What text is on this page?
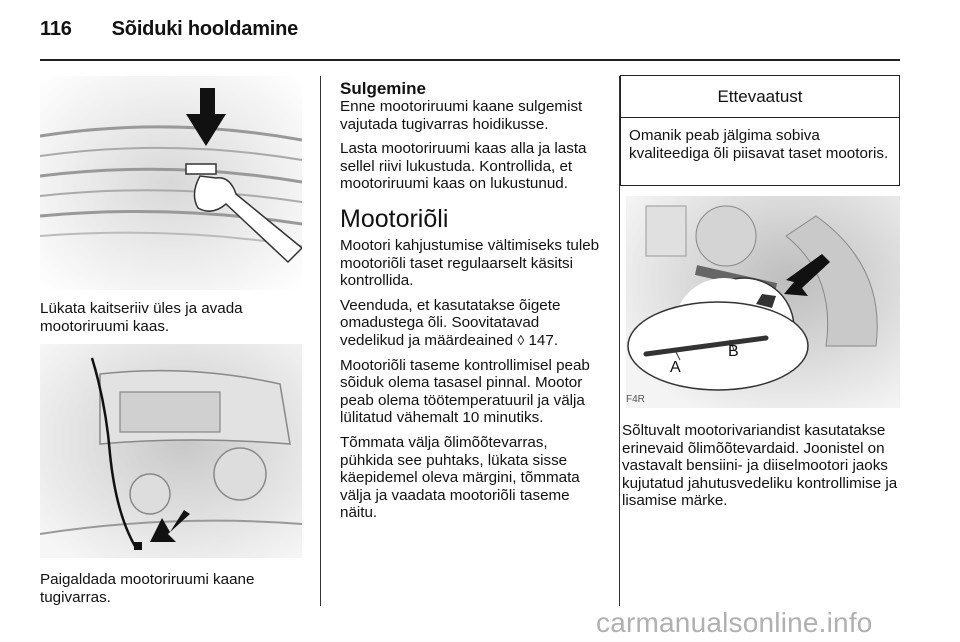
116 Sõiduki hooldamine

Lükata kaitseriiv üles ja avada mootoriruumi kaas.

Paigaldada mootoriruumi kaane tugivarras.

Sulgemine

Enne mootoriruumi kaane sulgemist vajutada tugivarras hoidikusse.

Lasta mootoriruumi kaas alla ja lasta sellel riivi lukustuda. Kontrollida, et mootoriruumi kaas on lukustunud.

Mootoriõli

Mootori kahjustumise vältimiseks tuleb mootoriõli taset regulaarselt käsitsi kontrollida.

Veenduda, et kasutatakse õigete omadustega õli. Soovitatavad vedelikud ja määrdeained ◊ 147.

Mootoriõli taseme kontrollimisel peab sõiduk olema tasasel pinnal. Mootor peab olema töötemperatuuril ja välja lülitatud vähemalt 10 minutiks.

Tõmmata välja õlimõõtevarras, pühkida see puhtaks, lükata sisse käepidemel oleva märgini, tõmmata välja ja vaadata mootoriõli taseme näitu.

Ettevaatust
Omanik peab jälgima sobiva kvaliteediga õli piisavat taset mootoris.
A
B
F4R

Sõltuvalt mootorivariandist kasutatakse erinevaid õlimõõtevardaid. Joonistel on vastavalt bensiini- ja diiselmootori jaoks kujutatud jahutusvedeliku kontrollimise ja lisamise märke.

carmanualsonline.info
